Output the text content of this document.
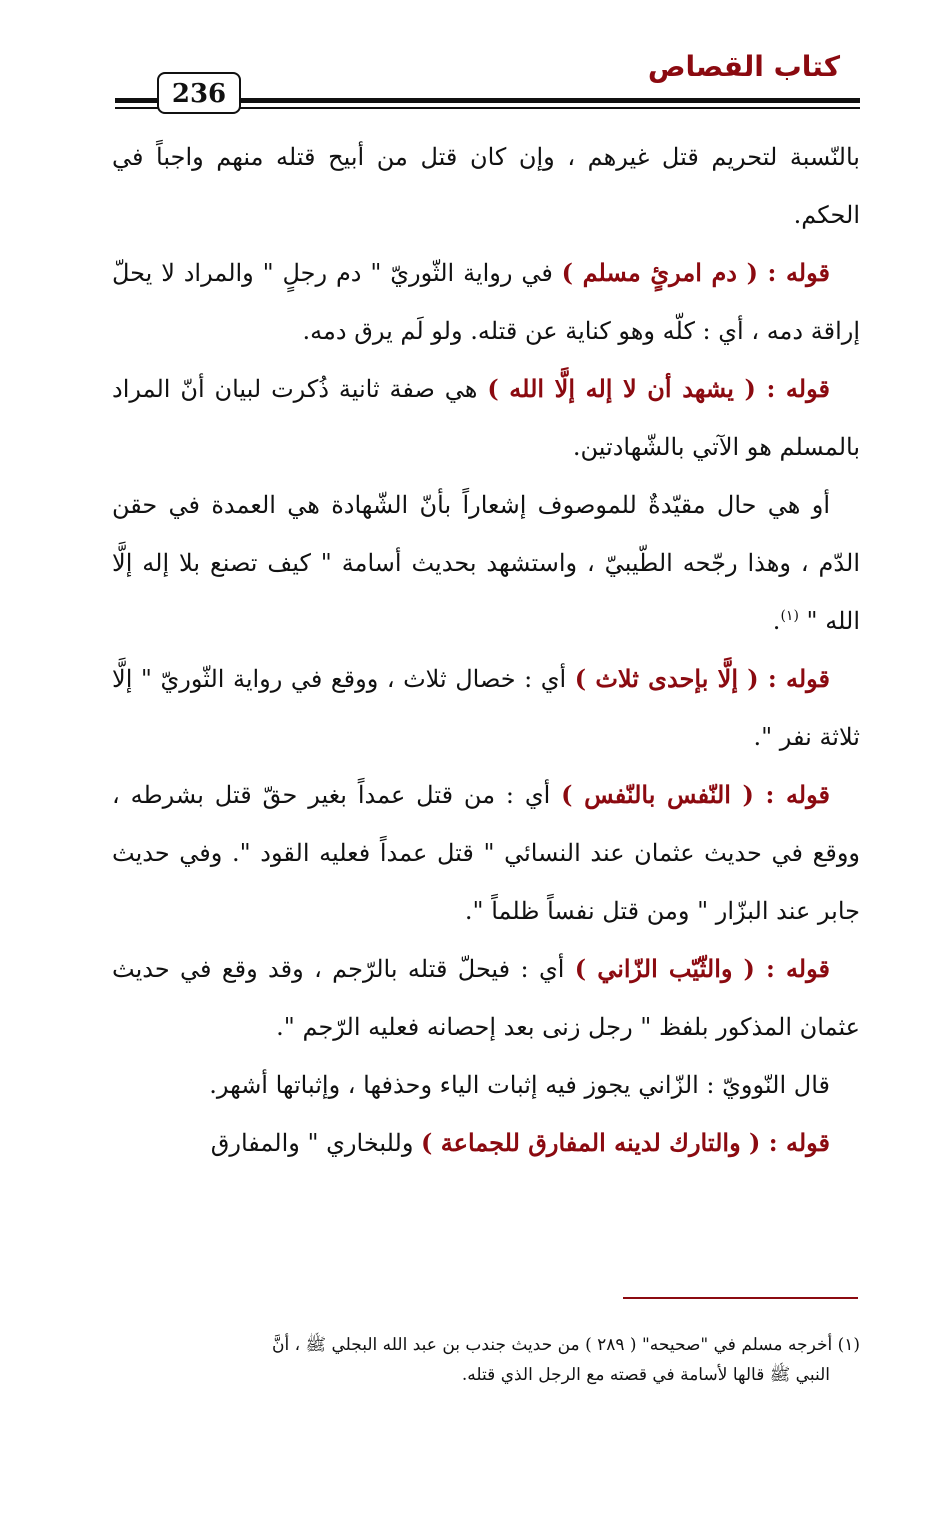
كتاب القصاص
236

بالنّسبة لتحريم قتل غيرهم ، وإن كان قتل من أبيح قتله منهم واجباً في الحكم.

قوله : ( دم امرئٍ مسلم ) في رواية الثّوريّ " دم رجلٍ " والمراد لا يحلّ إراقة دمه ، أي : كلّه وهو كناية عن قتله. ولو لَم يرق دمه.

قوله : ( يشهد أن لا إله إلَّا الله ) هي صفة ثانية ذُكرت لبيان أنّ المراد بالمسلم هو الآتي بالشّهادتين.

أو هي حال مقيّدةٌ للموصوف إشعاراً بأنّ الشّهادة هي العمدة في حقن الدّم ، وهذا رجّحه الطّيبيّ ، واستشهد بحديث أسامة " كيف تصنع بلا إله إلَّا الله " $^{(١)}$.

قوله : ( إلَّا بإحدى ثلاث ) أي : خصال ثلاث ، ووقع في رواية الثّوريّ " إلَّا ثلاثة نفر ".

قوله : ( النّفس بالنّفس ) أي : من قتل عمداً بغير حقّ قتل بشرطه ، ووقع في حديث عثمان عند النسائي " قتل عمداً فعليه القود ". وفي حديث جابر عند البزّار " ومن قتل نفساً ظلماً ".

قوله : ( والثّيّب الزّاني ) أي : فيحلّ قتله بالرّجم ، وقد وقع في حديث عثمان المذكور بلفظ " رجل زنى بعد إحصانه فعليه الرّجم ".

قال النّوويّ : الزّاني يجوز فيه إثبات الياء وحذفها ، وإثباتها أشهر.

قوله : ( والتارك لدينه المفارق للجماعة ) وللبخاري " والمفارق

(١) أخرجه مسلم في "صحيحه" ( ٢٨٩ ) من حديث جندب بن عبد الله البجلي ﷺ ، أنَّ
النبي ﷺ قالها لأسامة في قصته مع الرجل الذي قتله.
